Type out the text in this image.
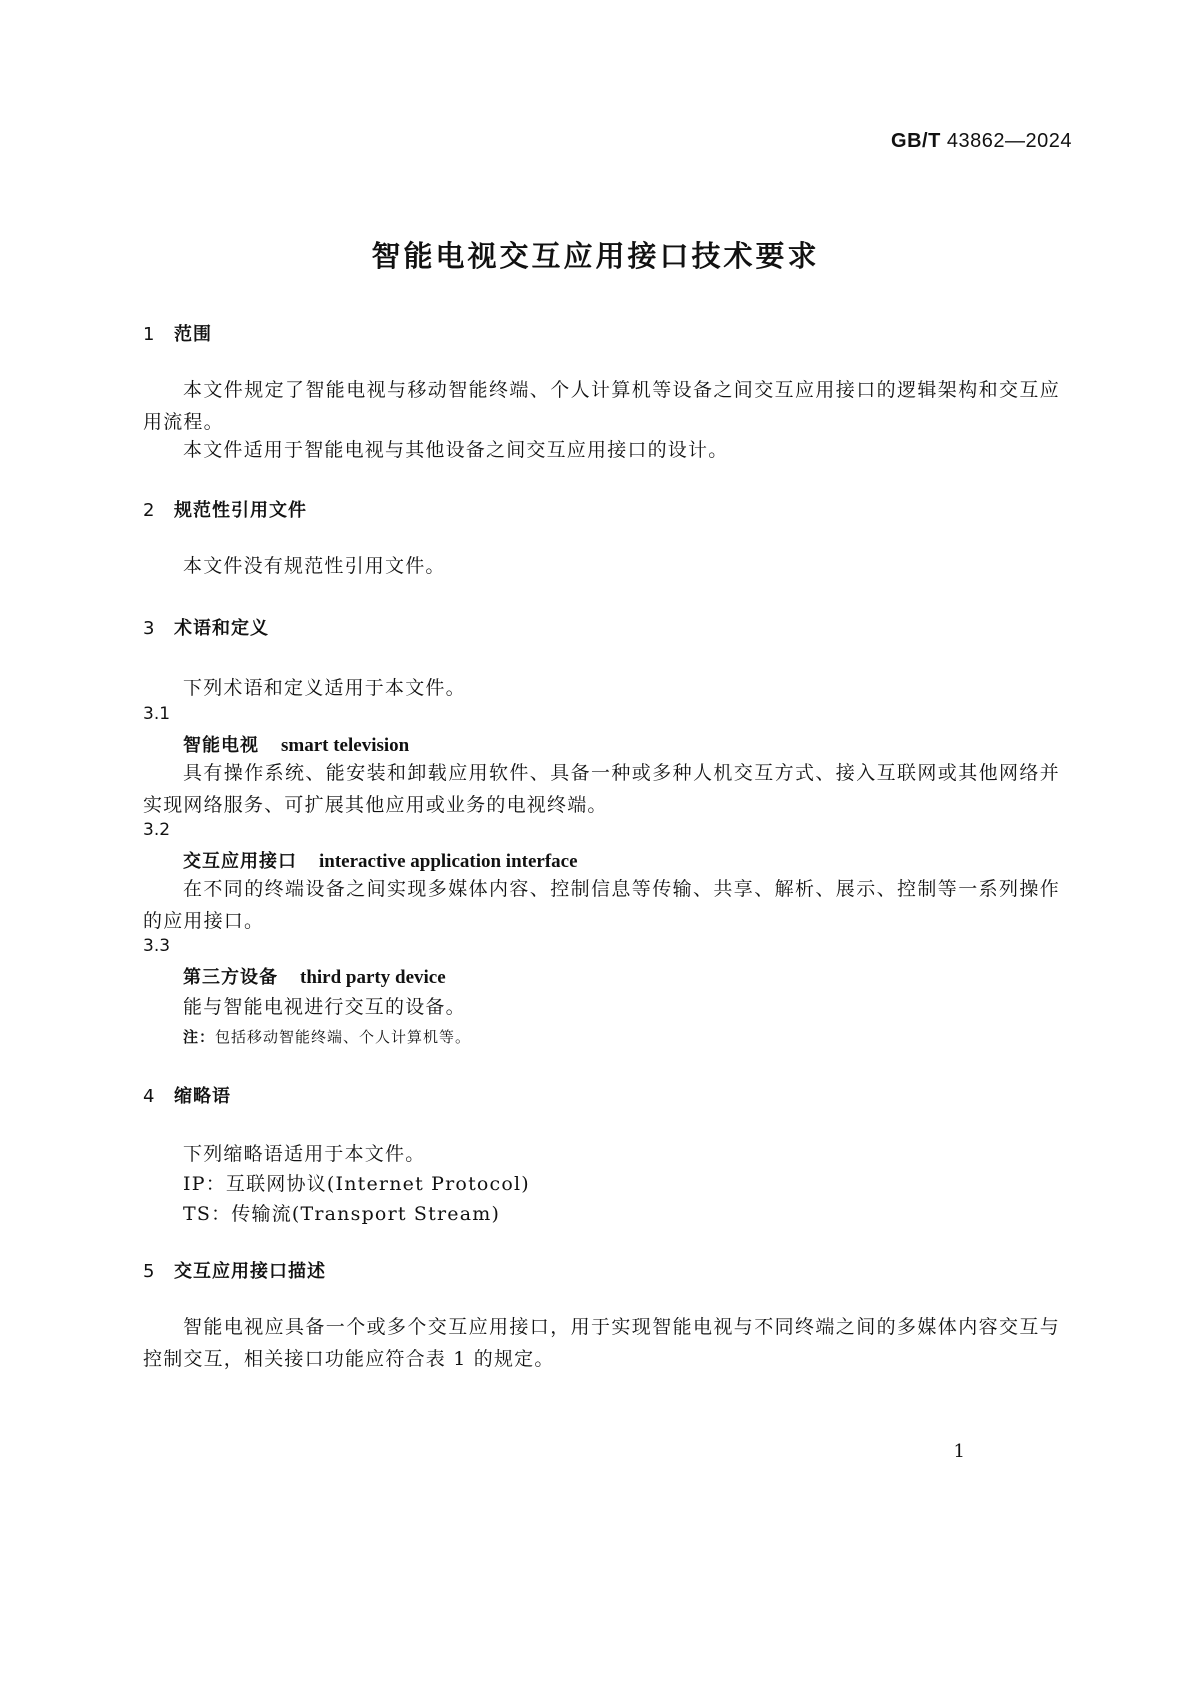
GB/T 43862—2024
智能电视交互应用接口技术要求
1 范围
本文件规定了智能电视与移动智能终端、个人计算机等设备之间交互应用接口的逻辑架构和交互应用流程。
本文件适用于智能电视与其他设备之间交互应用接口的设计。
2 规范性引用文件
本文件没有规范性引用文件。
3 术语和定义
下列术语和定义适用于本文件。
3.1
智能电视 smart television
具有操作系统、能安装和卸载应用软件、具备一种或多种人机交互方式、接入互联网或其他网络并实现网络服务、可扩展其他应用或业务的电视终端。
3.2
交互应用接口 interactive application interface
在不同的终端设备之间实现多媒体内容、控制信息等传输、共享、解析、展示、控制等一系列操作的应用接口。
3.3
第三方设备 third party device
能与智能电视进行交互的设备。
注：包括移动智能终端、个人计算机等。
4 缩略语
下列缩略语适用于本文件。
IP：互联网协议(Internet Protocol)
TS：传输流(Transport Stream)
5 交互应用接口描述
智能电视应具备一个或多个交互应用接口，用于实现智能电视与不同终端之间的多媒体内容交互与控制交互，相关接口功能应符合表 1 的规定。
1
